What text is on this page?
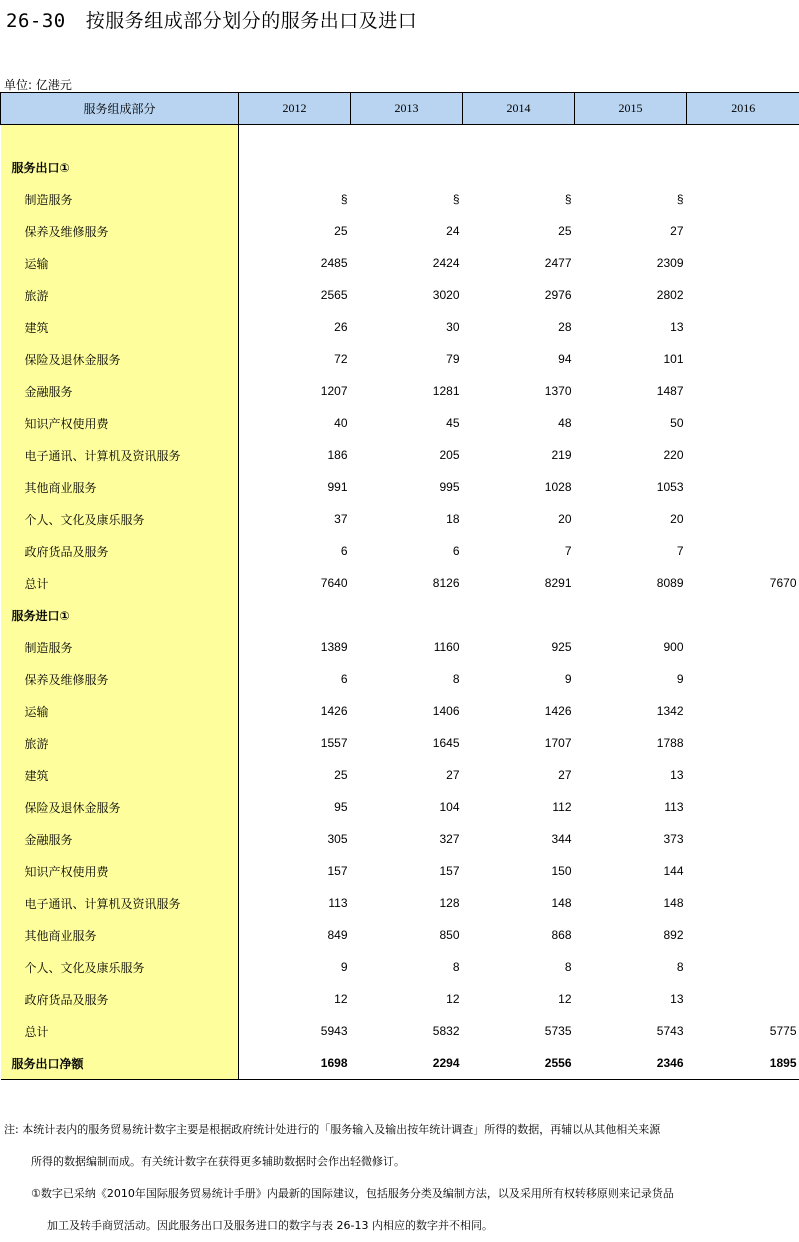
26-30 按服务组成部分划分的服务出口及进口
单位: 亿港元
服务组成部分	2012	2013	2014	2015	2016

服务出口①					
制造服务	§	§	§	§	
保养及维修服务	25	24	25	27	
运输	2485	2424	2477	2309	
旅游	2565	3020	2976	2802	
建筑	26	30	28	13	
保险及退休金服务	72	79	94	101	
金融服务	1207	1281	1370	1487	
知识产权使用费	40	45	48	50	
电子通讯、计算机及资讯服务	186	205	219	220	
其他商业服务	991	995	1028	1053	
个人、文化及康乐服务	37	18	20	20	
政府货品及服务	6	6	7	7	
总计	7640	8126	8291	8089	7670
服务进口①					
制造服务	1389	1160	925	900	
保养及维修服务	6	8	9	9	
运输	1426	1406	1426	1342	
旅游	1557	1645	1707	1788	
建筑	25	27	27	13	
保险及退休金服务	95	104	112	113	
金融服务	305	327	344	373	
知识产权使用费	157	157	150	144	
电子通讯、计算机及资讯服务	113	128	148	148	
其他商业服务	849	850	868	892	
个人、文化及康乐服务	9	8	8	8	
政府货品及服务	12	12	12	13	
总计	5943	5832	5735	5743	5775
服务出口净额	1698	2294	2556	2346	1895

注: 本统计表内的服务贸易统计数字主要是根据政府统计处进行的「服务输入及输出按年统计调查」所得的数据，再辅以从其他相关来源

所得的数据编制而成。有关统计数字在获得更多辅助数据时会作出轻微修订。

①数字已采纳《2010年国际服务贸易统计手册》内最新的国际建议，包括服务分类及编制方法，以及采用所有权转移原则来记录货品

加工及转手商贸活动。因此服务出口及服务进口的数字与表 26-13 内相应的数字并不相同。
